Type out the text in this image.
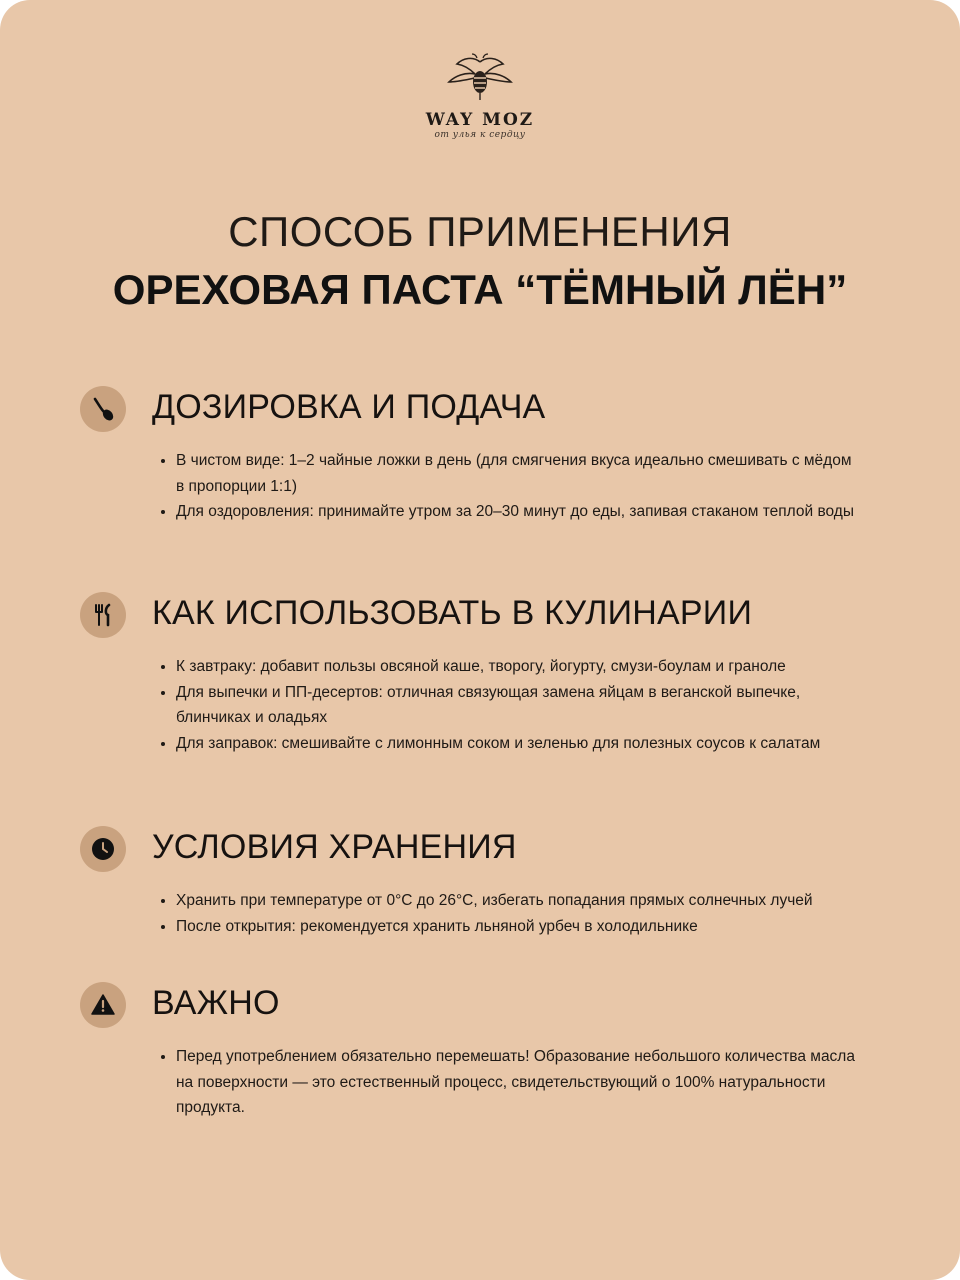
WAY MOZ
от улья к сердцу
СПОСОБ ПРИМЕНЕНИЯ
ОРЕХОВАЯ ПАСТА “ТЁМНЫЙ ЛЁН”
ДОЗИРОВКА И ПОДАЧА
• В чистом виде: 1–2 чайные ложки в день (для смягчения вкуса идеально смешивать с мёдом в пропорции 1:1)
• Для оздоровления: принимайте утром за 20–30 минут до еды, запивая стаканом теплой воды
КАК ИСПОЛЬЗОВАТЬ В КУЛИНАРИИ
• К завтраку: добавит пользы овсяной каше, творогу, йогурту, смузи-боулам и граноле
• Для выпечки и ПП-десертов: отличная связующая замена яйцам в веганской выпечке, блинчиках и оладьях
• Для заправок: смешивайте с лимонным соком и зеленью для полезных соусов к салатам
УСЛОВИЯ ХРАНЕНИЯ
• Хранить при температуре от 0°С до 26°С, избегать попадания прямых солнечных лучей
• После открытия: рекомендуется хранить льняной урбеч в холодильнике
ВАЖНО
• Перед употреблением обязательно перемешать! Образование небольшого количества масла на поверхности — это естественный процесс, свидетельствующий о 100% натуральности продукта.
